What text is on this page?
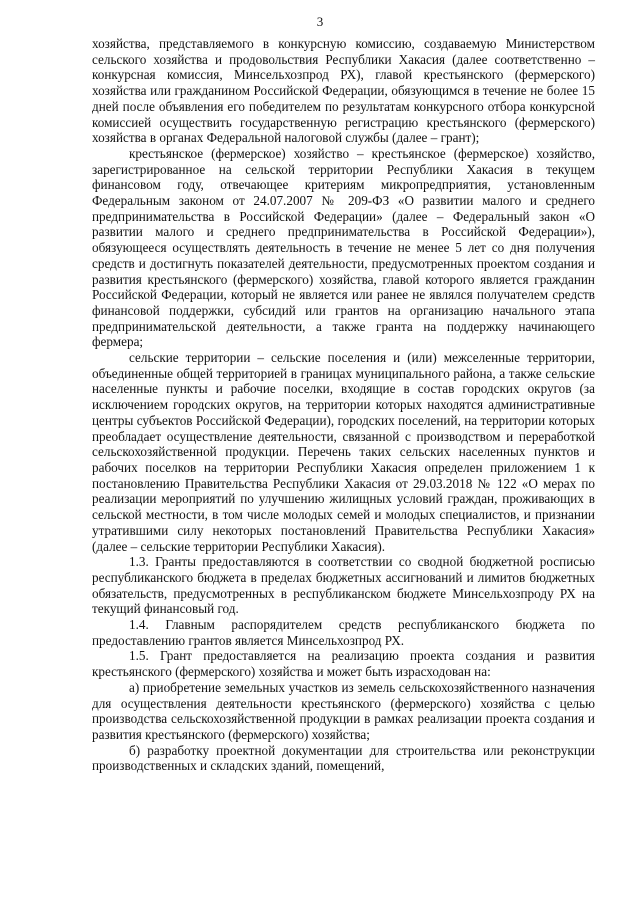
3

хозяйства, представляемого в конкурсную комиссию, создаваемую Министерством сельского хозяйства и продовольствия Республики Хакасия (далее соответственно – конкурсная комиссия, Минсельхозпрод РХ), главой крестьянского (фермерского) хозяйства или гражданином Российской Федерации, обязующимся в течение не более 15 дней после объявления его победителем по результатам конкурсного отбора конкурсной комиссией осуществить государственную регистрацию крестьянского (фермерского) хозяйства в органах Федеральной налоговой службы (далее – грант);

крестьянское (фермерское) хозяйство – крестьянское (фермерское) хозяйство, зарегистрированное на сельской территории Республики Хакасия в текущем финансовом году, отвечающее критериям микропредприятия, установленным Федеральным законом от 24.07.2007 № 209-ФЗ «О развитии малого и среднего предпринимательства в Российской Федерации» (далее – Федеральный закон «О развитии малого и среднего предпринимательства в Российской Федерации»), обязующееся осуществлять деятельность в течение не менее 5 лет со дня получения средств и достигнуть показателей деятельности, предусмотренных проектом создания и развития крестьянского (фермерского) хозяйства, главой которого является гражданин Российской Федерации, который не является или ранее не являлся получателем средств финансовой поддержки, субсидий или грантов на организацию начального этапа предпринимательской деятельности, а также гранта на поддержку начинающего фермера;

сельские территории – сельские поселения и (или) межселенные территории, объединенные общей территорией в границах муниципального района, а также сельские населенные пункты и рабочие поселки, входящие в состав городских округов (за исключением городских округов, на территории которых находятся административные центры субъектов Российской Федерации), городских поселений, на территории которых преобладает осуществление деятельности, связанной с производством и переработкой сельскохозяйственной продукции. Перечень таких сельских населенных пунктов и рабочих поселков на территории Республики Хакасия определен приложением 1 к постановлению Правительства Республики Хакасия от 29.03.2018 № 122 «О мерах по реализации мероприятий по улучшению жилищных условий граждан, проживающих в сельской местности, в том числе молодых семей и молодых специалистов, и признании утратившими силу некоторых постановлений Правительства Республики Хакасия» (далее – сельские территории Республики Хакасия).

1.3. Гранты предоставляются в соответствии со сводной бюджетной росписью республиканского бюджета в пределах бюджетных ассигнований и лимитов бюджетных обязательств, предусмотренных в республиканском бюджете Минсельхозпроду РХ на текущий финансовый год.

1.4. Главным распорядителем средств республиканского бюджета по предоставлению грантов является Минсельхозпрод РХ.

1.5. Грант предоставляется на реализацию проекта создания и развития крестьянского (фермерского) хозяйства и может быть израсходован на:

а) приобретение земельных участков из земель сельскохозяйственного назначения для осуществления деятельности крестьянского (фермерского) хозяйства с целью производства сельскохозяйственной продукции в рамках реализации проекта создания и развития крестьянского (фермерского) хозяйства;

б) разработку проектной документации для строительства или реконструкции производственных и складских зданий, помещений,
